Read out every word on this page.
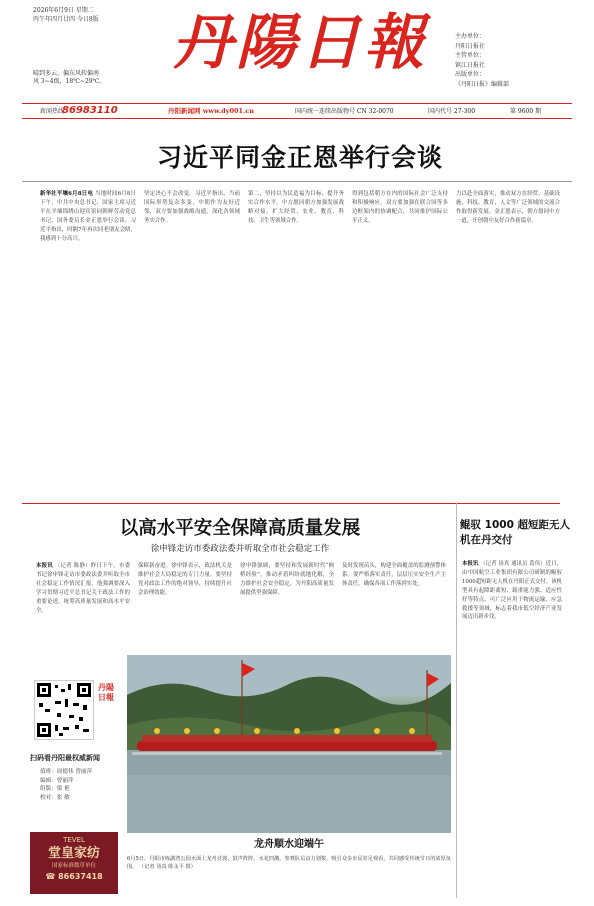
2026年6月9日 星期二
丙午年四月廿四 今日8版	丹陽日報	主办单位：
丹阳日报社
主管单位：
镇江日报社
出版单位：
《丹阳日报》编辑部
晴到多云，偏东风转偏南
风 3~4级，18℃~29℃。
新闻热线
86983110	丹阳新闻网 www.dy001.cn	国内统一连续出版物号 CN 32-0070	国内代号 27-300	第 9600 期
习近平同金正恩举行会谈
新华社平壤6月8日电 当地时间6月8日下午，中共中央总书记、国家主席习近平在平壤锦绣山迎宾馆同朝鲜劳动党总书记、国务委员长金正恩举行会谈。习近平指出，时隔7年再次同老朋友会晤，我感到十分高兴。
坚定决心不会改变。习近平指出，当前国际形势复杂多变，中朝作为友好近邻，双方要加强战略沟通，深化各领域务实合作。
第二，坚持以为民造福为目标，提升务实合作水平。中方愿同朝方加强发展战略对接，扩大经贸、农业、教育、科技、卫生等领域合作。
得到包括朝方在内的国际社会广泛支持和积极响应。双方要加强在联合国等多边框架内的协调配合，共同维护国际公平正义。
力以赴全面落实，推动双方在经贸、基础设施、科技、教育、人文等广泛领域的交流合作取得新发展。金正恩表示，朝方愿同中方一道，开创朝中友好合作新篇章。
以高水平安全保障高质量发展
徐申锋走访市委政法委并听取全市社会稳定工作
本报讯 （记者 陈静）昨日下午，市委书记徐申锋走访市委政法委并听取全市社会稳定工作情况汇报。他强调要深入学习贯彻习近平总书记关于政法工作的重要论述，统筹高质量发展和高水平安全。
保障新奋进。徐申锋表示，政法机关是维护社会大局稳定的专门力量，要坚持党对政法工作的绝对领导，持续提升社会治理效能。
徐申锋强调，要坚持和发展新时代“枫桥经验”，推动矛盾纠纷就地化解，全力维护社会安全稳定，为丹阳高质量发展提供坚强保障。
及时发现苗头，构建全面覆盖的监测预警体系。要严格落实责任，层层压实安全生产主体责任，确保各项工作落到实处。
鲲驭 1000 超短距无人机在丹交付
本报讯 （记者 汤真 通讯员 葛伟）近日，由中国航空工业集团有限公司研制的鲲驭1000超短距无人机在丹阳正式交付。该机型具有起降距离短、载重能力强、适应性好等特点，可广泛应用于物流运输、应急救援等领域，标志着我市低空经济产业发展迈出新步伐。
龙舟顺水迎端午
6月5日，丹阳市练湖湾公园水面上龙舟竞渡，鼓声阵阵，水花四溅，参赛队员奋力划桨，吸引众多市民驻足观看，共同感受传统节日的浓厚氛围。 （记者 汤真 陈永平 摄）
丹陽日報
扫码看丹阳最权威新闻
值班：周德伟 曾丽萍
编辑：曾丽萍
组版：梁 艳
校对：张 敏
TEVEL
堂皇家纺
国家标准数草单位
☎ 86637418
